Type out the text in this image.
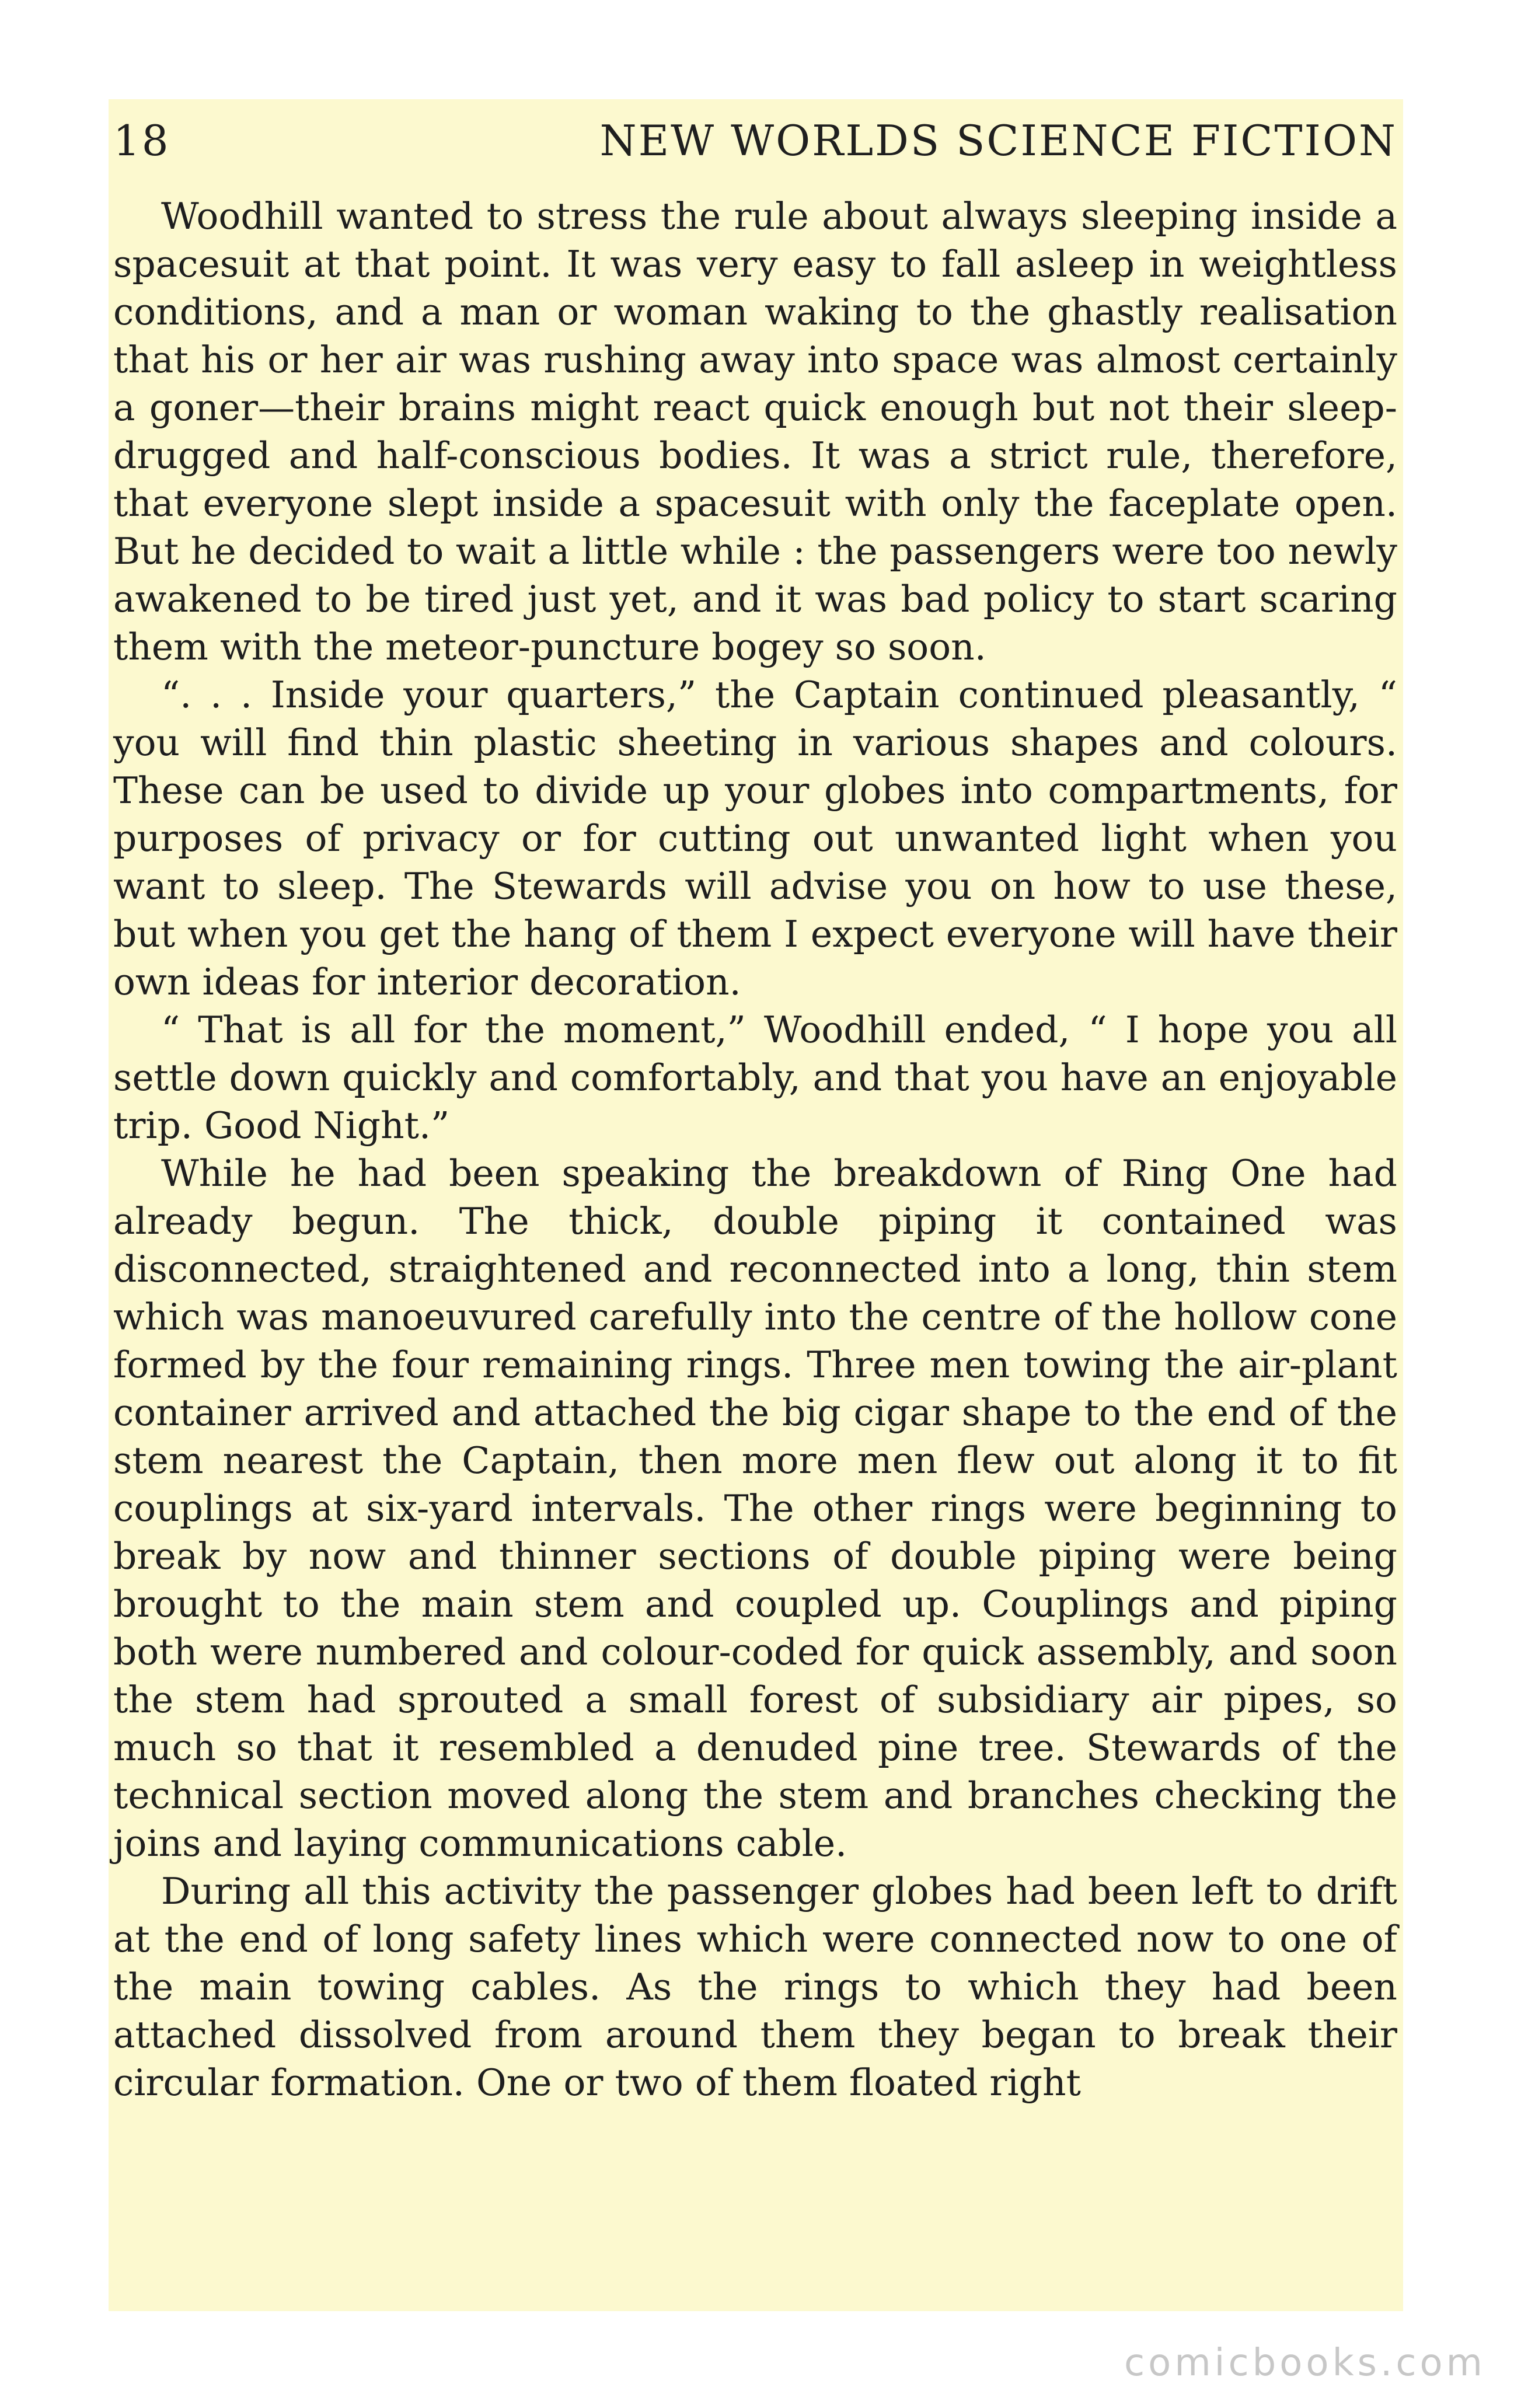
18	NEW WORLDS SCIENCE FICTION

Woodhill wanted to stress the rule about always sleeping inside a spacesuit at that point. It was very easy to fall asleep in weightless conditions, and a man or woman waking to the ghastly realisation that his or her air was rushing away into space was almost certainly a goner—their brains might react quick enough but not their sleep-drugged and half-conscious bodies. It was a strict rule, therefore, that everyone slept inside a spacesuit with only the faceplate open. But he decided to wait a little while : the passengers were too newly awakened to be tired just yet, and it was bad policy to start scaring them with the meteor-puncture bogey so soon.

“. . . Inside your quarters,” the Captain continued pleasantly, “ you will find thin plastic sheeting in various shapes and colours. These can be used to divide up your globes into compartments, for purposes of privacy or for cutting out unwanted light when you want to sleep. The Stewards will advise you on how to use these, but when you get the hang of them I expect everyone will have their own ideas for interior decoration.

“ That is all for the moment,” Woodhill ended, “ I hope you all settle down quickly and comfortably, and that you have an enjoyable trip. Good Night.”

While he had been speaking the breakdown of Ring One had already begun. The thick, double piping it contained was disconnected, straightened and reconnected into a long, thin stem which was manoeuvured carefully into the centre of the hollow cone formed by the four remaining rings. Three men towing the air-plant container arrived and attached the big cigar shape to the end of the stem nearest the Captain, then more men flew out along it to fit couplings at six-yard intervals. The other rings were beginning to break by now and thinner sections of double piping were being brought to the main stem and coupled up. Couplings and piping both were numbered and colour-coded for quick assembly, and soon the stem had sprouted a small forest of subsidiary air pipes, so much so that it resembled a denuded pine tree. Stewards of the technical section moved along the stem and branches checking the joins and laying communications cable.

During all this activity the passenger globes had been left to drift at the end of long safety lines which were connected now to one of the main towing cables. As the rings to which they had been attached dissolved from around them they began to break their circular formation. One or two of them floated right

comicbooks.com
